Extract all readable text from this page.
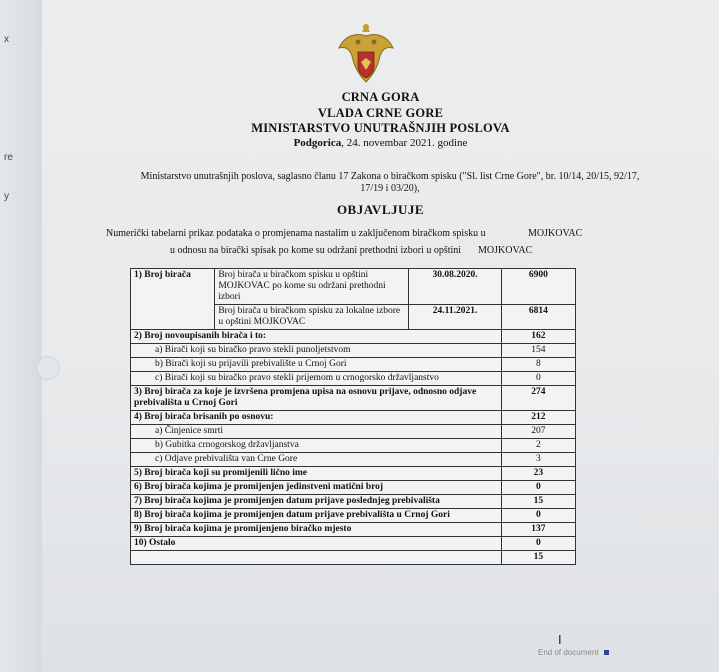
x
re
y
CRNA GORA
VLADA CRNE GORE
MINISTARSTVO UNUTRAŠNJIH POSLOVA
Podgorica, 24. novembar 2021. godine
Ministarstvo unutrašnjih poslova, saglasno članu 17 Zakona o biračkom spisku ("Sl. list Crne Gore", br. 10/14, 20/15, 92/17,
17/19 i 03/20),
OBJAVLJUJE
Numerički tabelarni prikaz podataka o promjenama nastalim u zaključenom biračkom spisku u	MOJKOVAC
u odnosu na birački spisak po kome su održani prethodni izbori u opštini MOJKOVAC
1) Broj birača	Broj birača u biračkom spisku u opštini MOJKOVAC po kome su održani prethodni izbori	30.08.2020.	6900
	Broj birača u biračkom spisku za lokalne izbore u opštini MOJKOVAC	24.11.2021.	6814
2) Broj novoupisanih birača i to:			162
a) Birači koji su biračko pravo stekli punoljetstvom			154
b) Birači koji su prijavili prebivalište u Crnoj Gori			8
c) Birači koji su biračko pravo stekli prijemom u crnogorsko državljanstvo			0
3) Broj birača za koje je izvršena promjena upisa na osnovu prijave, odnosno odjave prebivališta u Crnoj Gori			274
4) Broj birača brisanih po osnovu:			212
a) Činjenice smrti			207
b) Gubitka crnogorskog državljanstva			2
c) Odjave prebivališta van Crne Gore			3
5) Broj birača koji su promijenili lično ime			23
6) Broj birača kojima je promijenjen jedinstveni matični broj			0
7) Broj birača kojima je promijenjen datum prijave poslednjeg prebivališta			15
8) Broj birača kojima je promijenjen datum prijave prebivališta u Crnoj Gori			0
9) Broj birača kojima je promijenjeno biračko mjesto			137
10) Ostalo			0
			15
I
End of document
